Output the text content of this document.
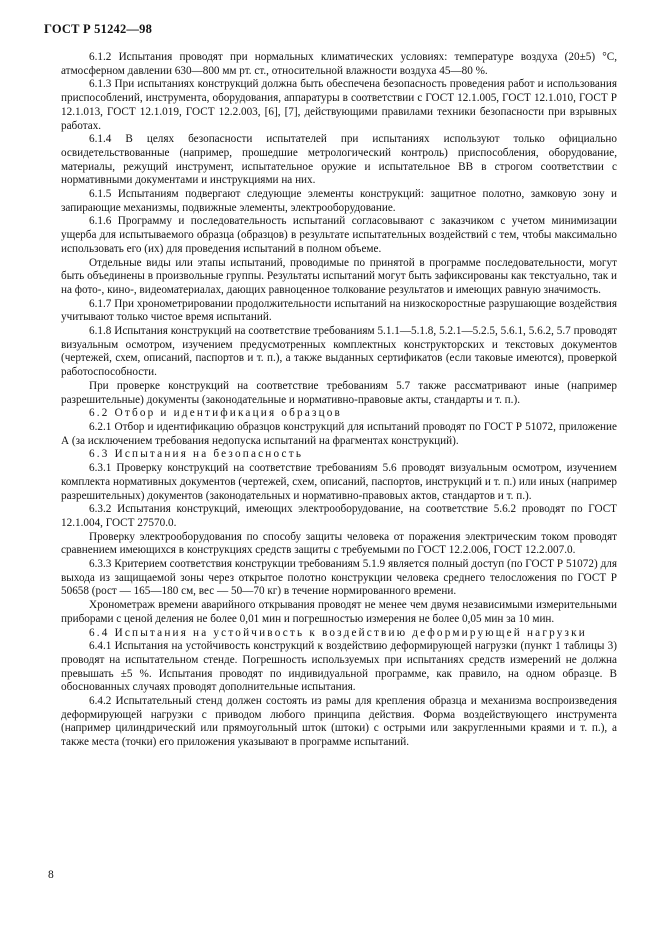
ГОСТ Р 51242—98

6.1.2 Испытания проводят при нормальных климатических условиях: температуре воздуха (20±5) °С, атмосферном давлении 630—800 мм рт. ст., относительной влажности воздуха 45—80 %.

6.1.3 При испытаниях конструкций должна быть обеспечена безопасность проведения работ и использования приспособлений, инструмента, оборудования, аппаратуры в соответствии с ГОСТ 12.1.005, ГОСТ 12.1.010, ГОСТ Р 12.1.013, ГОСТ 12.1.019, ГОСТ 12.2.003, [6], [7], действующими правилами техники безопасности при взрывных работах.

6.1.4 В целях безопасности испытателей при испытаниях используют только официально освидетельствованные (например, прошедшие метрологический контроль) приспособления, оборудование, материалы, режущий инструмент, испытательное оружие и испытательное ВВ в строгом соответствии с нормативными документами и инструкциями на них.

6.1.5 Испытаниям подвергают следующие элементы конструкций: защитное полотно, замковую зону и запирающие механизмы, подвижные элементы, электрооборудование.

6.1.6 Программу и последовательность испытаний согласовывают с заказчиком с учетом минимизации ущерба для испытываемого образца (образцов) в результате испытательных воздействий с тем, чтобы максимально использовать его (их) для проведения испытаний в полном объеме.

Отдельные виды или этапы испытаний, проводимые по принятой в программе последовательности, могут быть объединены в произвольные группы. Результаты испытаний могут быть зафиксированы как текстуально, так и на фото-, кино-, видеоматериалах, дающих равноценное толкование результатов и имеющих равную значимость.

6.1.7 При хронометрировании продолжительности испытаний на низкоскоростные разрушающие воздействия учитывают только чистое время испытаний.

6.1.8 Испытания конструкций на соответствие требованиям 5.1.1—5.1.8, 5.2.1—5.2.5, 5.6.1, 5.6.2, 5.7 проводят визуальным осмотром, изучением предусмотренных комплектных конструкторских и текстовых документов (чертежей, схем, описаний, паспортов и т. п.), а также выданных сертификатов (если таковые имеются), проверкой работоспособности.

При проверке конструкций на соответствие требованиям 5.7 также рассматривают иные (например разрешительные) документы (законодательные и нормативно-правовые акты, стандарты и т. п.).

6.2 Отбор и идентификация образцов

6.2.1 Отбор и идентификацию образцов конструкций для испытаний проводят по ГОСТ Р 51072, приложение А (за исключением требования недопуска испытаний на фрагментах конструкций).

6.3 Испытания на безопасность

6.3.1 Проверку конструкций на соответствие требованиям 5.6 проводят визуальным осмотром, изучением комплекта нормативных документов (чертежей, схем, описаний, паспортов, инструкций и т. п.) или иных (например разрешительных) документов (законодательных и нормативно-правовых актов, стандартов и т. п.).

6.3.2 Испытания конструкций, имеющих электрооборудование, на соответствие 5.6.2 проводят по ГОСТ 12.1.004, ГОСТ 27570.0.

Проверку электрооборудования по способу защиты человека от поражения электрическим током проводят сравнением имеющихся в конструкциях средств защиты с требуемыми по ГОСТ 12.2.006, ГОСТ 12.2.007.0.

6.3.3 Критерием соответствия конструкции требованиям 5.1.9 является полный доступ (по ГОСТ Р 51072) для выхода из защищаемой зоны через открытое полотно конструкции человека среднего телосложения по ГОСТ Р 50658 (рост — 165—180 см, вес — 50—70 кг) в течение нормированного времени.

Хронометраж времени аварийного открывания проводят не менее чем двумя независимыми измерительными приборами с ценой деления не более 0,01 мин и погрешностью измерения не более 0,05 мин за 10 мин.

6.4 Испытания на устойчивость к воздействию деформирующей нагрузки

6.4.1 Испытания на устойчивость конструкций к воздействию деформирующей нагрузки (пункт 1 таблицы 3) проводят на испытательном стенде. Погрешность используемых при испытаниях средств измерений не должна превышать ±5 %. Испытания проводят по индивидуальной программе, как правило, на одном образце. В обоснованных случаях проводят дополнительные испытания.

6.4.2 Испытательный стенд должен состоять из рамы для крепления образца и механизма воспроизведения деформирующей нагрузки с приводом любого принципа действия. Форма воздействующего инструмента (например цилиндрический или прямоугольный шток (штоки) с острыми или закругленными краями и т. п.), а также места (точки) его приложения указывают в программе испытаний.

8
